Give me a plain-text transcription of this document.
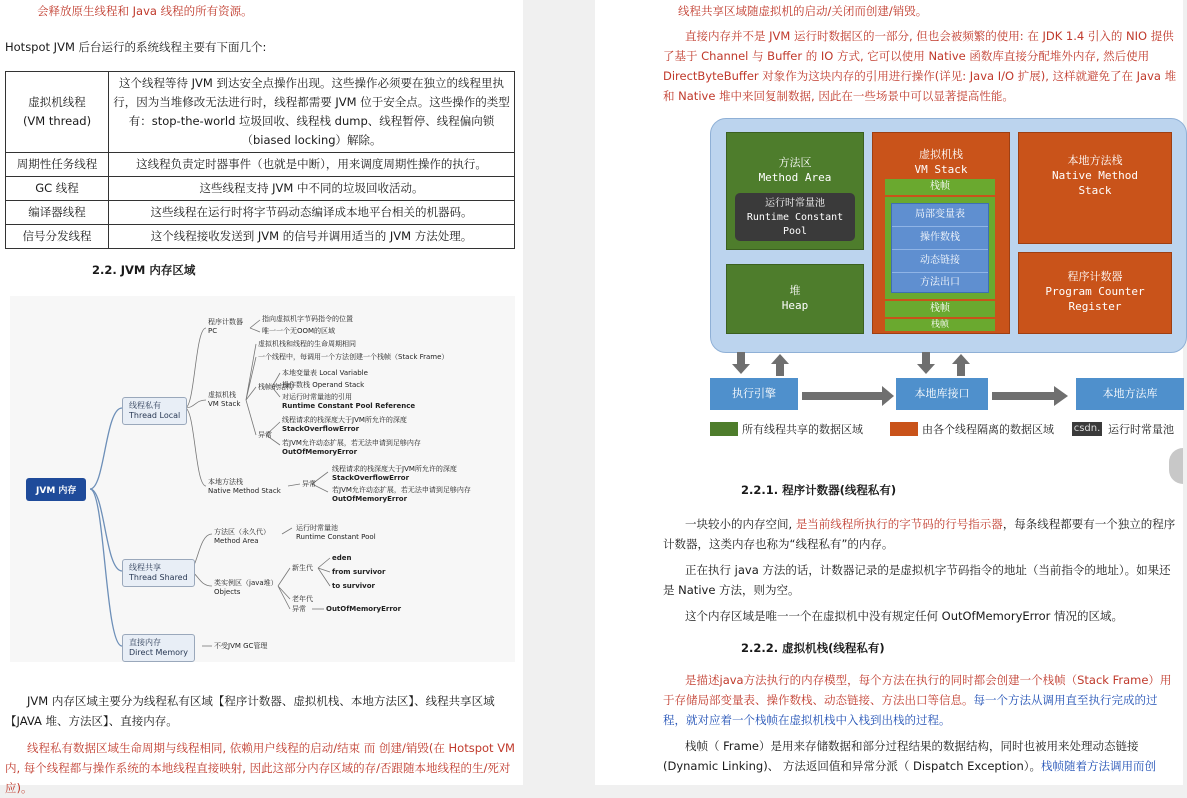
会释放原生线程和 Java 线程的所有资源。
Hotspot JVM 后台运行的系统线程主要有下面几个:
虚拟机线程
(VM thread)	这个线程等待 JVM 到达安全点操作出现。这些操作必须要在独立的线程里执行，因为当堆修改无法进行时，线程都需要 JVM 位于安全点。这些操作的类型有：stop-the-world 垃圾回收、线程栈 dump、线程暂停、线程偏向锁（biased locking）解除。
周期性任务线程	这线程负责定时器事件（也就是中断），用来调度周期性操作的执行。
GC 线程	这些线程支持 JVM 中不同的垃圾回收活动。
编译器线程	这些线程在运行时将字节码动态编译成本地平台相关的机器码。
信号分发线程	这个线程接收发送到 JVM 的信号并调用适当的 JVM 方法处理。
2.2. JVM 内存区域
JVM 内存
线程私有
Thread Local
线程共享
Thread Shared
直接内存
Direct Memory
程序计数器
PC
指向虚拟机字节码指令的位置
唯一一个无OOM的区域
虚拟机栈
VM Stack
虚拟机栈和线程的生命周期相同
一个线程中，每调用一个方法创建一个栈帧（Stack Frame）
栈帧的结构
本地变量表 Local Variable
操作数栈 Operand Stack
对运行时常量池的引用
Runtime Constant Pool Reference
异常
线程请求的栈深度大于JVM所允许的深度
StackOverflowError
若JVM允许动态扩展，若无法申请到足够内存
OutOfMemoryError
本地方法栈
Native Method Stack
异常
线程请求的栈深度大于JVM所允许的深度
StackOverflowError
若JVM允许动态扩展，若无法申请到足够内存
OutOfMemoryError
方法区（永久代）
Method Area
运行时常量池
Runtime Constant Pool
类实例区（java堆）
Objects
新生代
eden
from survivor
to survivor
老年代
异常	OutOfMemoryError
不受JVM GC管理
JVM 内存区域主要分为线程私有区域【程序计数器、虚拟机栈、本地方法区】、线程共享区域【JAVA 堆、方法区】、直接内存。
线程私有数据区域生命周期与线程相同, 依赖用户线程的启动/结束 而 创建/销毁(在 Hotspot VM 内, 每个线程都与操作系统的本地线程直接映射, 因此这部分内存区域的存/否跟随本地线程的生/死对应)。
线程共享区域随虚拟机的启动/关闭而创建/销毁。
直接内存并不是 JVM 运行时数据区的一部分, 但也会被频繁的使用: 在 JDK 1.4 引入的 NIO 提供了基于 Channel 与 Buffer 的 IO 方式, 它可以使用 Native 函数库直接分配堆外内存, 然后使用 DirectByteBuffer 对象作为这块内存的引用进行操作(详见: Java I/O 扩展), 这样就避免了在 Java 堆和 Native 堆中来回复制数据, 因此在一些场景中可以显著提高性能。
2.2.1. 程序计数器(线程私有)
一块较小的内存空间, 是当前线程所执行的字节码的行号指示器，每条线程都要有一个独立的程序计数器，这类内存也称为“线程私有”的内存。
正在执行 java 方法的话，计数器记录的是虚拟机字节码指令的地址（当前指令的地址）。如果还是 Native 方法，则为空。
这个内存区域是唯一一个在虚拟机中没有规定任何 OutOfMemoryError 情况的区域。
2.2.2. 虚拟机栈(线程私有)
是描述java方法执行的内存模型，每个方法在执行的同时都会创建一个栈帧（Stack Frame）用于存储局部变量表、操作数栈、动态链接、方法出口等信息。每一个方法从调用直至执行完成的过程，就对应着一个栈帧在虚拟机栈中入栈到出栈的过程。
栈帧（ Frame）是用来存储数据和部分过程结果的数据结构，同时也被用来处理动态链接 (Dynamic Linking)、 方法返回值和异常分派（ Dispatch Exception）。栈帧随着方法调用而创
方法区
Method Area
运行时常量池
Runtime Constant
Pool
堆
Heap
虚拟机栈
VM Stack
栈帧
局部变量表
操作数栈
动态链接
方法出口
栈帧
栈帧
本地方法栈
Native Method
Stack
程序计数器
Program Counter
Register
执行引擎	本地库接口	本地方法库
所有线程共享的数据区域	由各个线程隔离的数据区域 csdn. 运行时常量池
